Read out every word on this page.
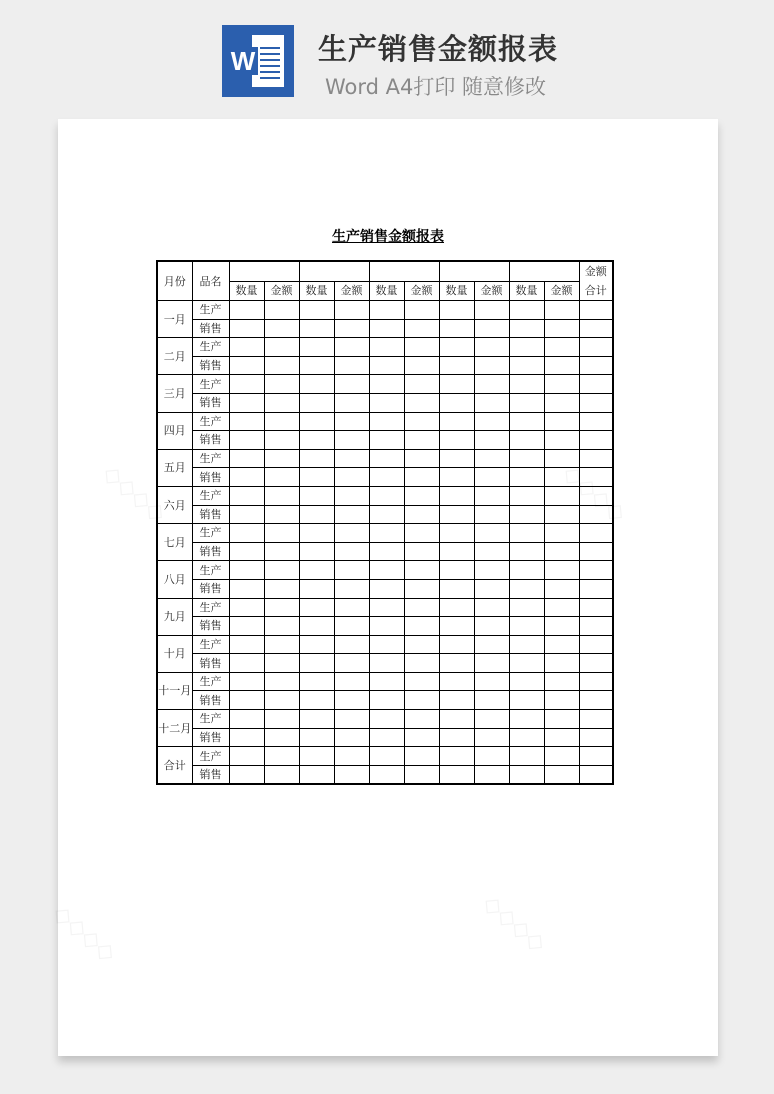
W 生产销售金额报表
Word A4打印 随意修改
生产销售金额报表
月份	品名											金额合计
		数量	金额	数量	金额	数量	金额	数量	金额	数量	金额	
一月	生产											
	销售											
二月	生产											
	销售											
三月	生产											
	销售											
四月	生产											
	销售											
五月	生产											
	销售											
六月	生产											
	销售											
七月	生产											
	销售											
八月	生产											
	销售											
九月	生产											
	销售											
十月	生产											
	销售											
十一月	生产											
	销售											
十二月	生产											
	销售											
合计	生产											
	销售											
